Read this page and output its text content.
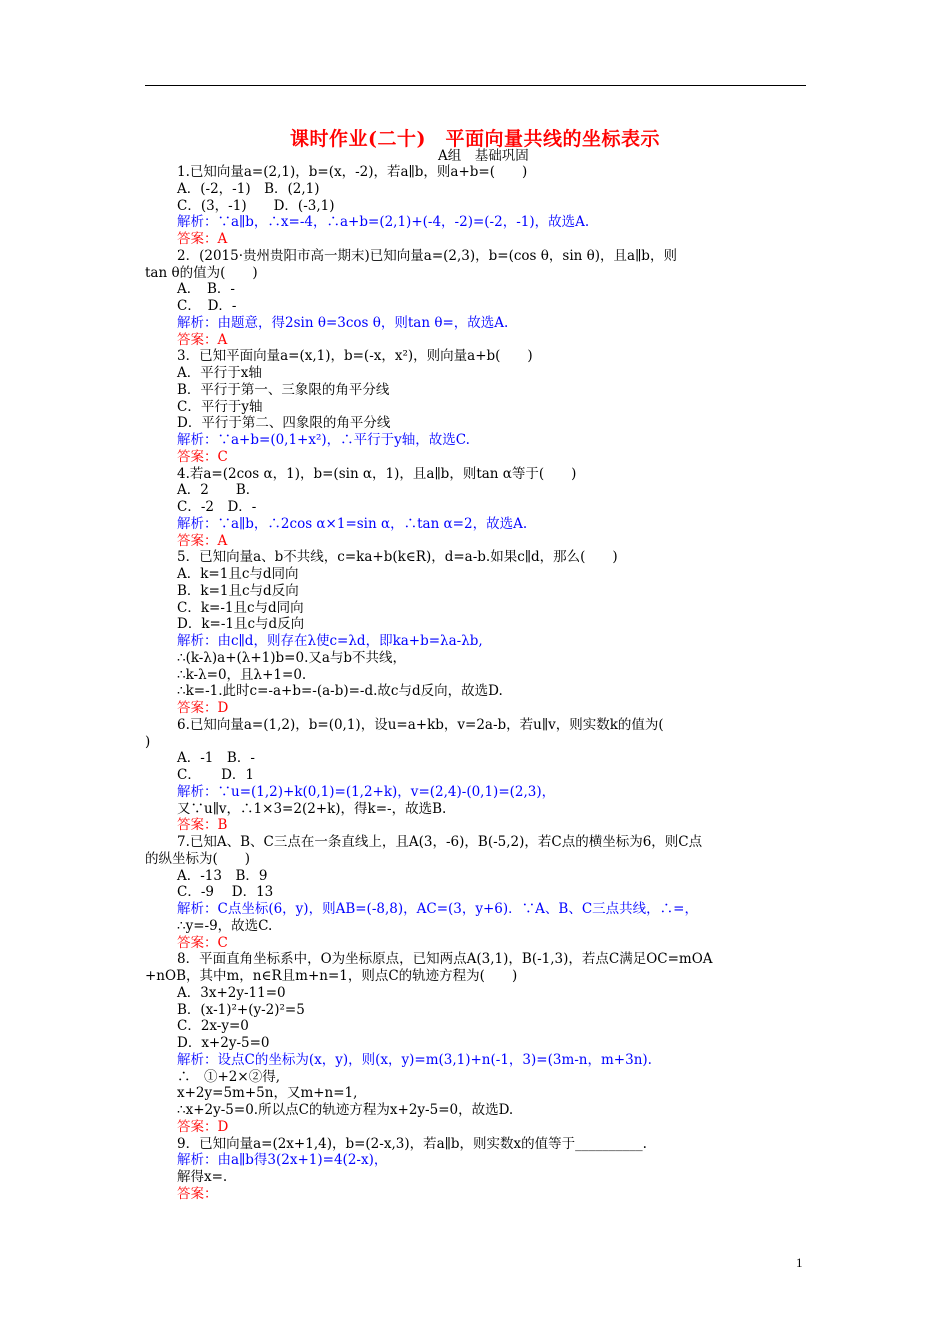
课时作业(二十)　平面向量共线的坐标表示
A组　基础巩固
1.已知向量a=(2,1)，b=(x，-2)，若a∥b，则a+b=(　　)
A．(-2，-1)　B．(2,1)
C．(3，-1)　　D．(-3,1)
解析：∵a∥b，∴x=-4，∴a+b=(2,1)+(-4，-2)=(-2，-1)，故选A.
答案：A
2．(2015·贵州贵阳市高一期末)已知向量a=(2,3)，b=(cos θ，sin θ)，且a∥b，则
tan θ的值为(　　)
A．　B．-
C．　D．-
解析：由题意，得2sin θ=3cos θ，则tan θ=，故选A.
答案：A
3．已知平面向量a=(x,1)，b=(-x，x²)，则向量a+b(　　)
A．平行于x轴
B．平行于第一、三象限的角平分线
C．平行于y轴
D．平行于第二、四象限的角平分线
解析：∵a+b=(0,1+x²)，∴平行于y轴，故选C.
答案：C
4.若a=(2cos α，1)，b=(sin α，1)，且a∥b，则tan α等于(　　)
A．2　　B．
C．-2　D．-
解析：∵a∥b，∴2cos α×1=sin α，∴tan α=2，故选A.
答案：A
5．已知向量a、b不共线，c=ka+b(k∈R)，d=a-b.如果c∥d，那么(　　)
A．k=1且c与d同向
B．k=1且c与d反向
C．k=-1且c与d同向
D．k=-1且c与d反向
解析：由c∥d，则存在λ使c=λd，即ka+b=λa-λb,
∴(k-λ)a+(λ+1)b=0.又a与b不共线，
∴k-λ=0，且λ+1=0.
∴k=-1.此时c=-a+b=-(a-b)=-d.故c与d反向，故选D.
答案：D
6.已知向量a=(1,2)，b=(0,1)，设u=a+kb，v=2a-b，若u∥v，则实数k的值为(
)
A．-1　B．-
C．　　D．1
解析：∵u=(1,2)+k(0,1)=(1,2+k)，v=(2,4)-(0,1)=(2,3)，
又∵u∥v，∴1×3=2(2+k)，得k=-，故选B.
答案：B
7.已知A、B、C三点在一条直线上，且A(3，-6)，B(-5,2)，若C点的横坐标为6，则C点
的纵坐标为(　　)
A．-13　B．9
C．-9　 D．13
解析：C点坐标(6，y)，则AB=(-8,8)，AC=(3，y+6)．∵A、B、C三点共线，∴=，
∴y=-9，故选C.
答案：C
8．平面直角坐标系中，O为坐标原点，已知两点A(3,1)，B(-1,3)，若点C满足OC=mOA
+nOB，其中m，n∈R且m+n=1，则点C的轨迹方程为(　　)
A．3x+2y-11=0
B．(x-1)²+(y-2)²=5
C．2x-y=0
D．x+2y-5=0
解析：设点C的坐标为(x，y)，则(x，y)=m(3,1)+n(-1，3)=(3m-n，m+3n).
∴　①+2×②得,
x+2y=5m+5n，又m+n=1,
∴x+2y-5=0.所以点C的轨迹方程为x+2y-5=0，故选D.
答案：D
9．已知向量a=(2x+1,4)，b=(2-x,3)，若a∥b，则实数x的值等于__________.
解析：由a∥b得3(2x+1)=4(2-x)，
解得x=.
答案：
1
